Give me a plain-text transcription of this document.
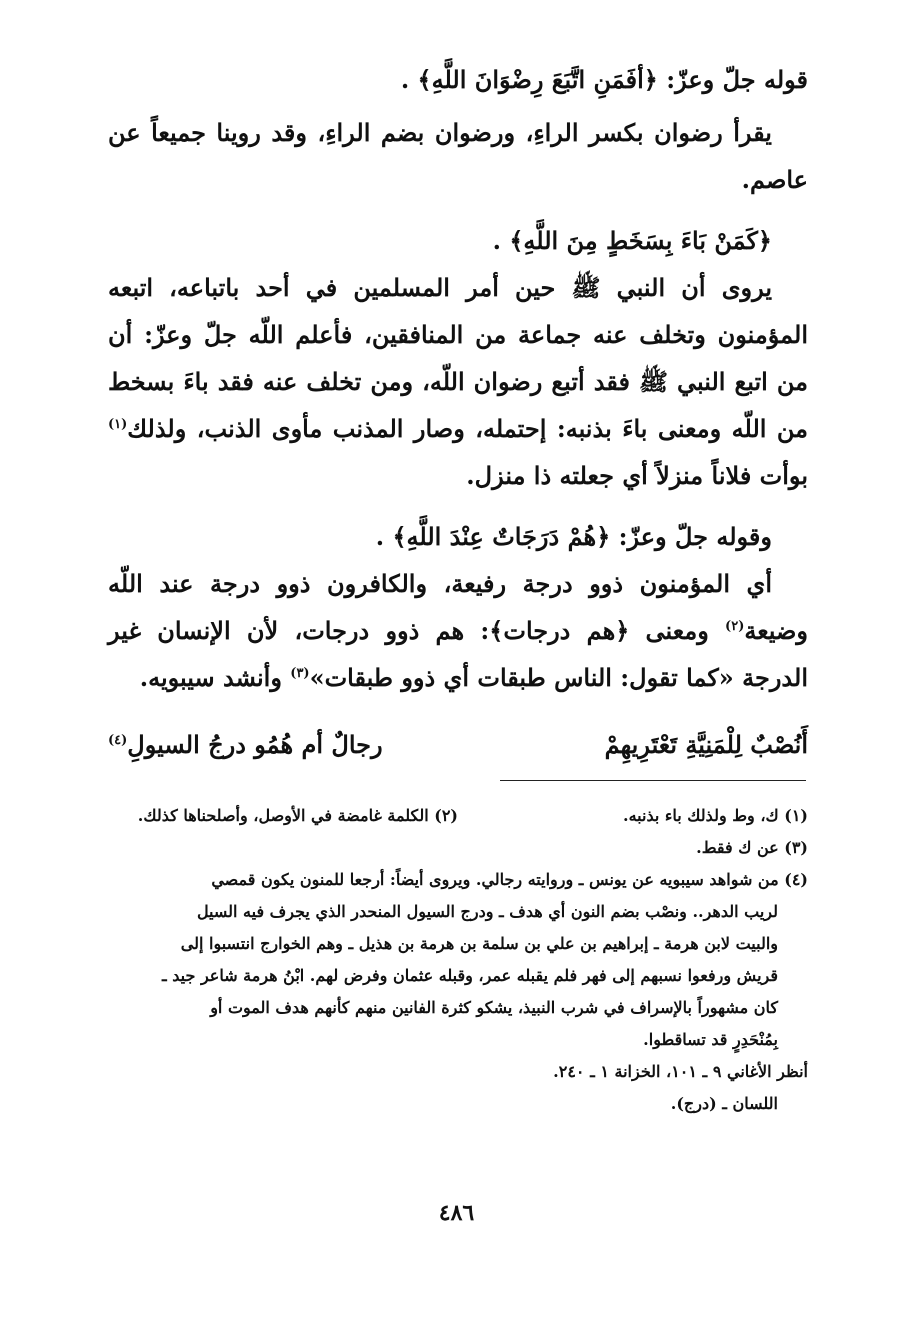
قوله جلّ وعزّ: ﴿أفَمَنِ اتَّبَعَ رِضْوَانَ اللَّهِ﴾ .

يقرأ رضوان بكسر الراءِ، ورضوان بضم الراءِ، وقد روينا جميعاً عن عاصم.

﴿كَمَنْ بَاءَ بِسَخَطٍ مِنَ اللَّهِ﴾ .

يروى أن النبي ﷺ حين أمر المسلمين في أحد باتباعه، اتبعه المؤمنون وتخلف عنه جماعة من المنافقين، فأعلم اللّه جلّ وعزّ: أن من اتبع النبي ﷺ فقد أتبع رضوان اللّه، ومن تخلف عنه فقد باءَ بسخط من اللّه ومعنى باءَ بذنبه: إحتمله، وصار المذنب مأوى الذنب، ولذلك$^{(١)}$ بوأت فلاناً منزلاً أي جعلته ذا منزل.

وقوله جلّ وعزّ: ﴿هُمْ دَرَجَاتٌ عِنْدَ اللَّهِ﴾ .

أي المؤمنون ذوو درجة رفيعة، والكافرون ذوو درجة عند اللّه وضيعة$^{(٢)}$ ومعنى ﴿هم درجات﴾: هم ذوو درجات، لأن الإنسان غير الدرجة «كما تقول: الناس طبقات أي ذوو طبقات»$^{(٣)}$ وأنشد سيبويه.

أَنُصْبٌ لِلْمَنِيَّةِ تَعْتَرِيهِمْ
رجالٌ أم هُمُو درجُ السيولِ$^{(٤)}$

(١) ك، وط ولذلك باء بذنبه.

(٢) الكلمة غامضة في الأوصل، وأصلحناها كذلك.

(٣) عن ك فقط.

(٤) من شواهد سيبويه عن يونس ـ وروايته رجالي. ويروى أيضاً: أرجعا للمنون يكون قمصي

لريب الدهر.. ونصْب بضم النون أي هدف ـ ودرج السيول المنحدر الذي يجرف فيه السيل

والبيت لابن هرمة ـ إبراهيم بن علي بن سلمة بن هرمة بن هذيل ـ وهم الخوارج انتسبوا إلى

قريش ورفعوا نسبهم إلى فهر فلم يقبله عمر، وقبله عثمان وفرض لهم. ابْنُ هرمة شاعر جيد ـ

كان مشهوراً بالإسراف في شرب النبيذ، يشكو كثرة الفانين منهم كأنهم هدف الموت أو

بِمُنْحَدِرٍ قد تساقطوا.

أنظر الأغاني ٩ ـ ١٠١، الخزانة ١ ـ ٢٤٠.

اللسان ـ (درج).

٤٨٦
